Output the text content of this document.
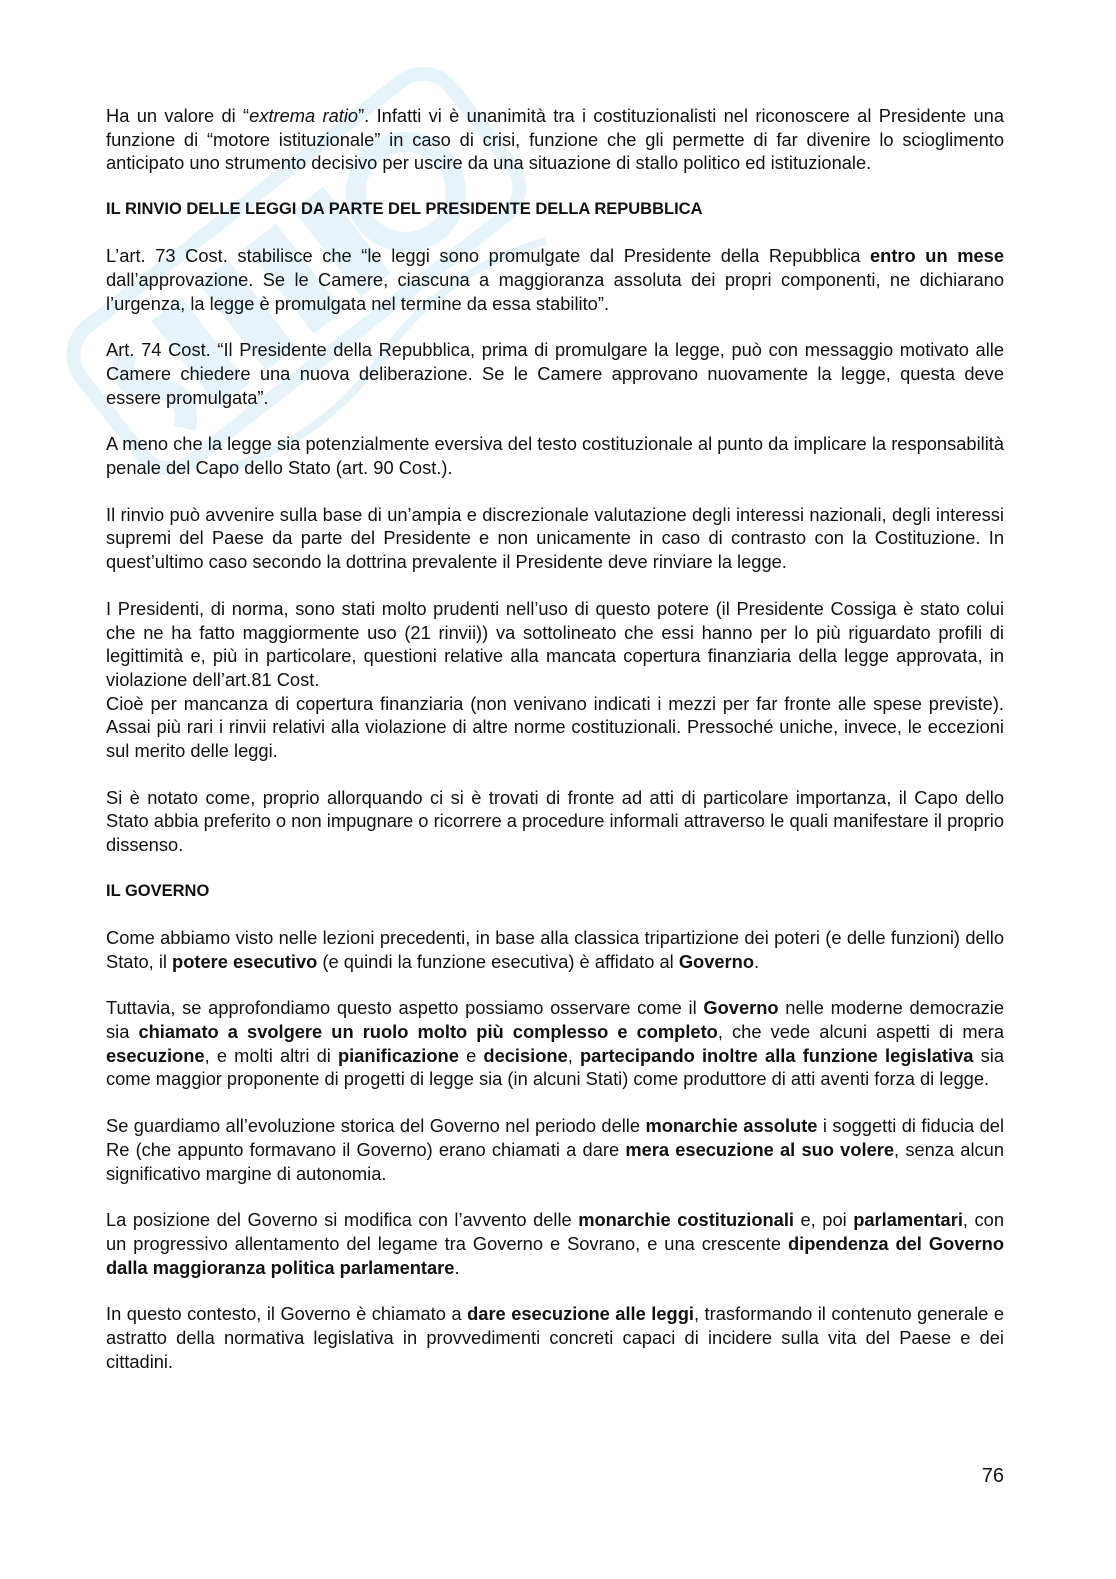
Ha un valore di “extrema ratio”. Infatti vi è unanimità tra i costituzionalisti nel riconoscere al Presidente una funzione di “motore istituzionale” in caso di crisi, funzione che gli permette di far divenire lo scioglimento anticipato uno strumento decisivo per uscire da una situazione di stallo politico ed istituzionale.

IL RINVIO DELLE LEGGI DA PARTE DEL PRESIDENTE DELLA REPUBBLICA

L’art. 73 Cost. stabilisce che “le leggi sono promulgate dal Presidente della Repubblica entro un mese dall’approvazione. Se le Camere, ciascuna a maggioranza assoluta dei propri componenti, ne dichiarano l’urgenza, la legge è promulgata nel termine da essa stabilito”.

Art. 74 Cost. “Il Presidente della Repubblica, prima di promulgare la legge, può con messaggio motivato alle Camere chiedere una nuova deliberazione. Se le Camere approvano nuovamente la legge, questa deve essere promulgata”.

A meno che la legge sia potenzialmente eversiva del testo costituzionale al punto da implicare la responsabilità penale del Capo dello Stato (art. 90 Cost.).

Il rinvio può avvenire sulla base di un’ampia e discrezionale valutazione degli interessi nazionali, degli interessi supremi del Paese da parte del Presidente e non unicamente in caso di contrasto con la Costituzione. In quest’ultimo caso secondo la dottrina prevalente il Presidente deve rinviare la legge.

I Presidenti, di norma, sono stati molto prudenti nell’uso di questo potere (il Presidente Cossiga è stato colui che ne ha fatto maggiormente uso (21 rinvii)) va sottolineato che essi hanno per lo più riguardato profili di legittimità e, più in particolare, questioni relative alla mancata copertura finanziaria della legge approvata, in violazione dell’art.81 Cost.

Cioè per mancanza di copertura finanziaria (non venivano indicati i mezzi per far fronte alle spese previste). Assai più rari i rinvii relativi alla violazione di altre norme costituzionali. Pressoché uniche, invece, le eccezioni sul merito delle leggi.

Si è notato come, proprio allorquando ci si è trovati di fronte ad atti di particolare importanza, il Capo dello Stato abbia preferito o non impugnare o ricorrere a procedure informali attraverso le quali manifestare il proprio dissenso.

IL GOVERNO

Come abbiamo visto nelle lezioni precedenti, in base alla classica tripartizione dei poteri (e delle funzioni) dello Stato, il potere esecutivo (e quindi la funzione esecutiva) è affidato al Governo.

Tuttavia, se approfondiamo questo aspetto possiamo osservare come il Governo nelle moderne democrazie sia chiamato a svolgere un ruolo molto più complesso e completo, che vede alcuni aspetti di mera esecuzione, e molti altri di pianificazione e decisione, partecipando inoltre alla funzione legislativa sia come maggior proponente di progetti di legge sia (in alcuni Stati) come produttore di atti aventi forza di legge.

Se guardiamo all’evoluzione storica del Governo nel periodo delle monarchie assolute i soggetti di fiducia del Re (che appunto formavano il Governo) erano chiamati a dare mera esecuzione al suo volere, senza alcun significativo margine di autonomia.

La posizione del Governo si modifica con l’avvento delle monarchie costituzionali e, poi parlamentari, con un progressivo allentamento del legame tra Governo e Sovrano, e una crescente dipendenza del Governo dalla maggioranza politica parlamentare.

In questo contesto, il Governo è chiamato a dare esecuzione alle leggi, trasformando il contenuto generale e astratto della normativa legislativa in provvedimenti concreti capaci di incidere sulla vita del Paese e dei cittadini.

76
